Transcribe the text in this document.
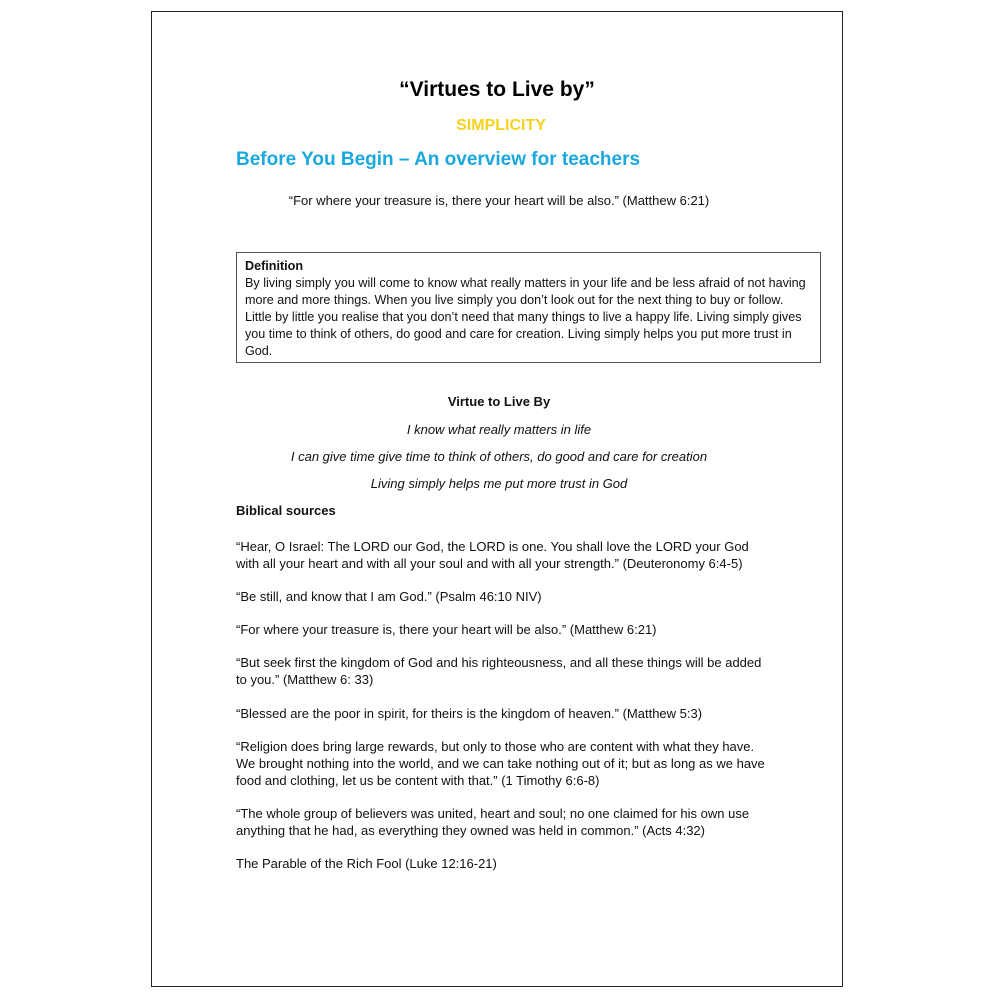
“Virtues to Live by”
SIMPLICITY
Before You Begin – An overview for teachers
“For where your treasure is, there your heart will be also.” (Matthew 6:21)
Definition
By living simply you will come to know what really matters in your life and be less afraid of not having more and more things. When you live simply you don’t look out for the next thing to buy or follow. Little by little you realise that you don’t need that many things to live a happy life. Living simply gives you time to think of others, do good and care for creation. Living simply helps you put more trust in God.
Virtue to Live By
I know what really matters in life
I can give time give time to think of others, do good and care for creation
Living simply helps me put more trust in God
Biblical sources
“Hear, O Israel: The LORD our God, the LORD is one. You shall love the LORD your God with all your heart and with all your soul and with all your strength.” (Deuteronomy 6:4-5)
“Be still, and know that I am God.” (Psalm 46:10 NIV)
“For where your treasure is, there your heart will be also.” (Matthew 6:21)
“But seek first the kingdom of God and his righteousness, and all these things will be added to you.” (Matthew 6: 33)
“Blessed are the poor in spirit, for theirs is the kingdom of heaven.” (Matthew 5:3)
“Religion does bring large rewards, but only to those who are content with what they have. We brought nothing into the world, and we can take nothing out of it; but as long as we have food and clothing, let us be content with that.” (1 Timothy 6:6-8)
“The whole group of believers was united, heart and soul; no one claimed for his own use anything that he had, as everything they owned was held in common.” (Acts 4:32)
The Parable of the Rich Fool (Luke 12:16-21)
